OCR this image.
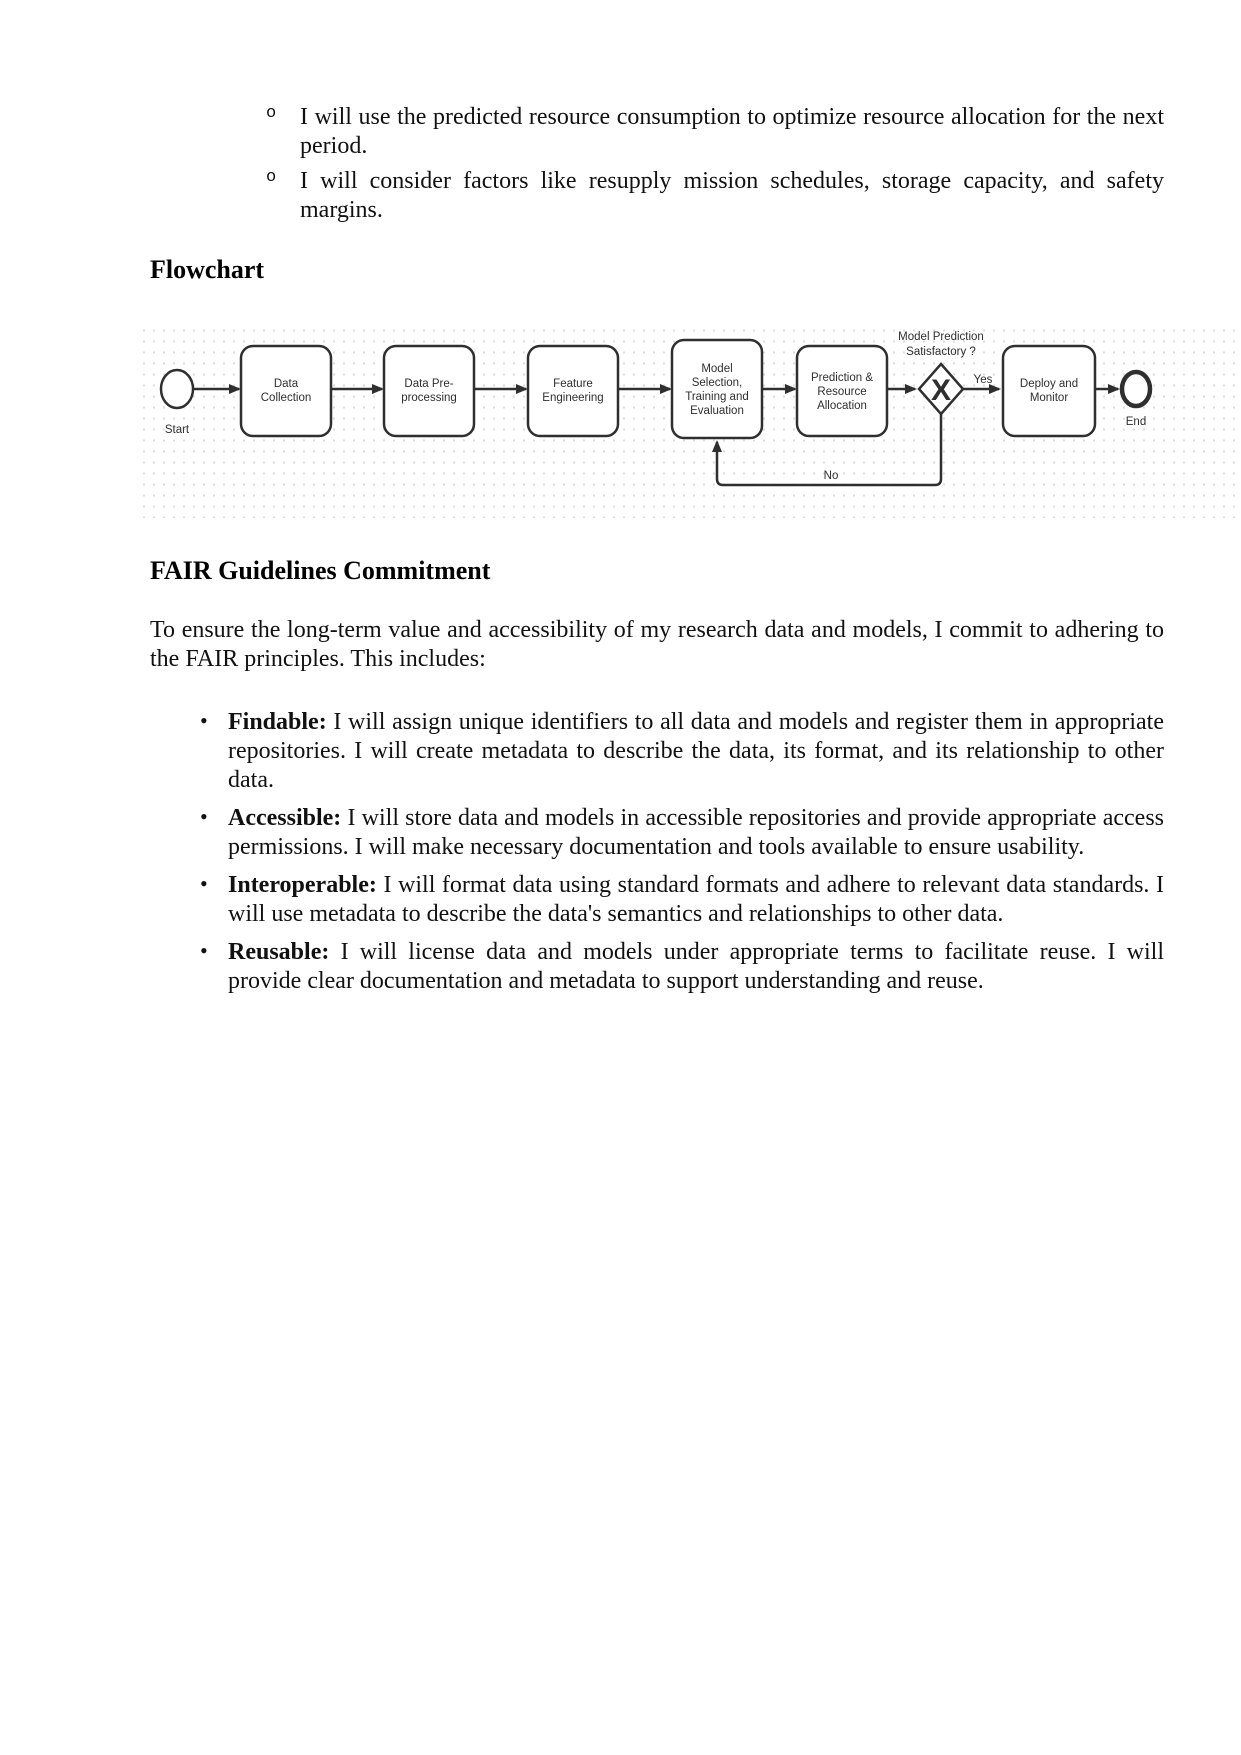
o I will use the predicted resource consumption to optimize resource allocation for the next period.
o I will consider factors like resupply mission schedules, storage capacity, and safety margins.
Flowchart
Start
Data
Collection
Data Pre-
processing
Feature
Engineering
Model
Selection,
Training and
Evaluation
Prediction &
Resource
Allocation X
Model Prediction
Satisfactory ?
Yes
No
Deploy and
Monitor
End
FAIR Guidelines Commitment

To ensure the long-term value and accessibility of my research data and models, I commit to adhering to the FAIR principles. This includes:

• Findable: I will assign unique identifiers to all data and models and register them in appropriate repositories. I will create metadata to describe the data, its format, and its relationship to other data.
• Accessible: I will store data and models in accessible repositories and provide appropriate access permissions. I will make necessary documentation and tools available to ensure usability.
• Interoperable: I will format data using standard formats and adhere to relevant data standards. I will use metadata to describe the data's semantics and relationships to other data.
• Reusable: I will license data and models under appropriate terms to facilitate reuse. I will provide clear documentation and metadata to support understanding and reuse.
